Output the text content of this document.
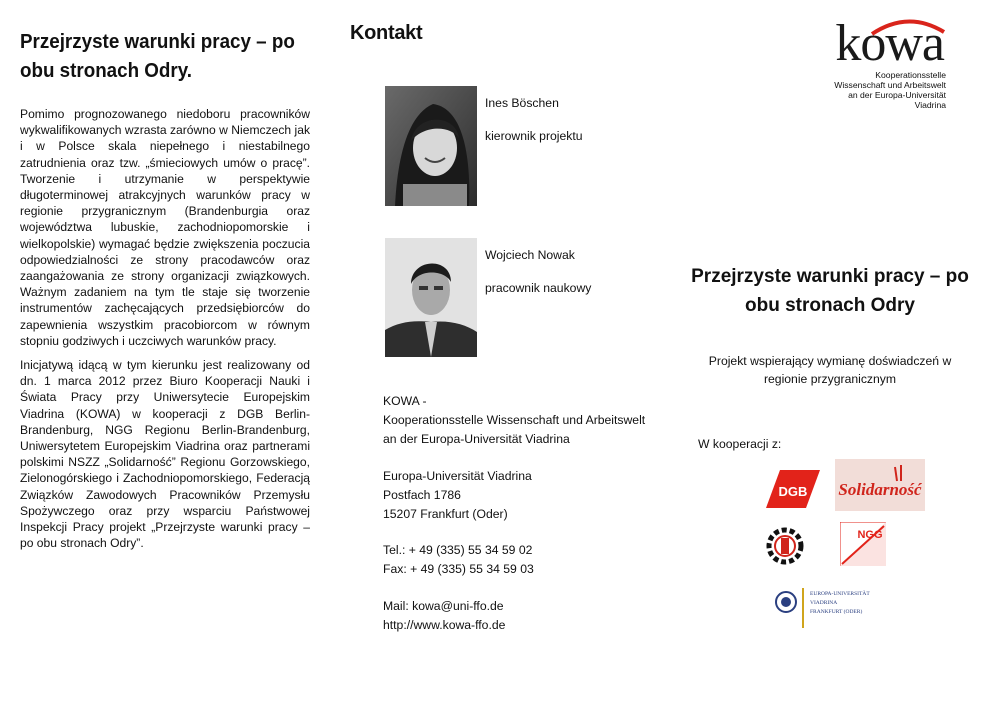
Przejrzyste warunki pracy – po obu stronach Odry.

Pomimo prognozowanego niedoboru pracowników wykwalifikowanych wzrasta zarówno w Niemczech jak i w Polsce skala niepełnego i niestabilnego zatrudnienia oraz tzw. „śmieciowych umów o pracę”. Tworzenie i utrzymanie w perspektywie długoterminowej atrakcyjnych warunków pracy w regionie przygranicznym (Brandenburgia oraz województwa lubuskie, zachodniopomorskie i wielkopolskie) wymagać będzie zwiększenia poczucia odpowiedzialności ze strony pracodawców oraz zaangażowania ze strony organizacji związkowych. Ważnym zadaniem na tym tle staje się tworzenie instrumentów zachęcających przedsiębiorców do zapewnienia wszystkim pracobiorcom w równym stopniu godziwych i uczciwych warunków pracy.

Inicjatywą idącą w tym kierunku jest realizowany od dn. 1 marca 2012 przez Biuro Kooperacji Nauki i Świata Pracy przy Uniwersytecie Europejskim Viadrina (KOWA) w kooperacji z DGB Berlin-Brandenburg, NGG Regionu Berlin-Brandenburg, Uniwersytetem Europejskim Viadrina oraz partnerami polskimi NSZZ „Solidarność” Regionu Gorzowskiego, Zielonogórskiego i Zachodniopomorskiego, Federacją Związków Zawodowych Pracowników Przemysłu Spożywczego oraz przy wsparciu Państwowej Inspekcji Pracy projekt „Przejrzyste warunki pracy – po obu stronach Odry”.

Kontakt
Ines Böschen
kierownik projektu
Wojciech Nowak
pracownik naukowy
KOWA -
Kooperationsstelle Wissenschaft und Arbeitswelt
an der Europa-Universität Viadrina
Europa-Universität Viadrina
Postfach 1786
15207 Frankfurt (Oder)
Tel.: + 49 (335) 55 34 59 02
Fax: + 49 (335) 55 34 59 03
Mail: kowa@uni-ffo.de
http://www.kowa-ffo.de
kowa
Kooperationsstelle
Wissenschaft und Arbeitswelt
an der Europa-Universität
Viadrina
Przejrzyste warunki pracy – po obu stronach Odry
Projekt wspierający wymianę doświadczeń w regionie przygranicznym
W kooperacji z:
DGB Solidarność
NGG
EUROPA-UNIVERSITÄT
VIADRINA
FRANKFURT (ODER)
